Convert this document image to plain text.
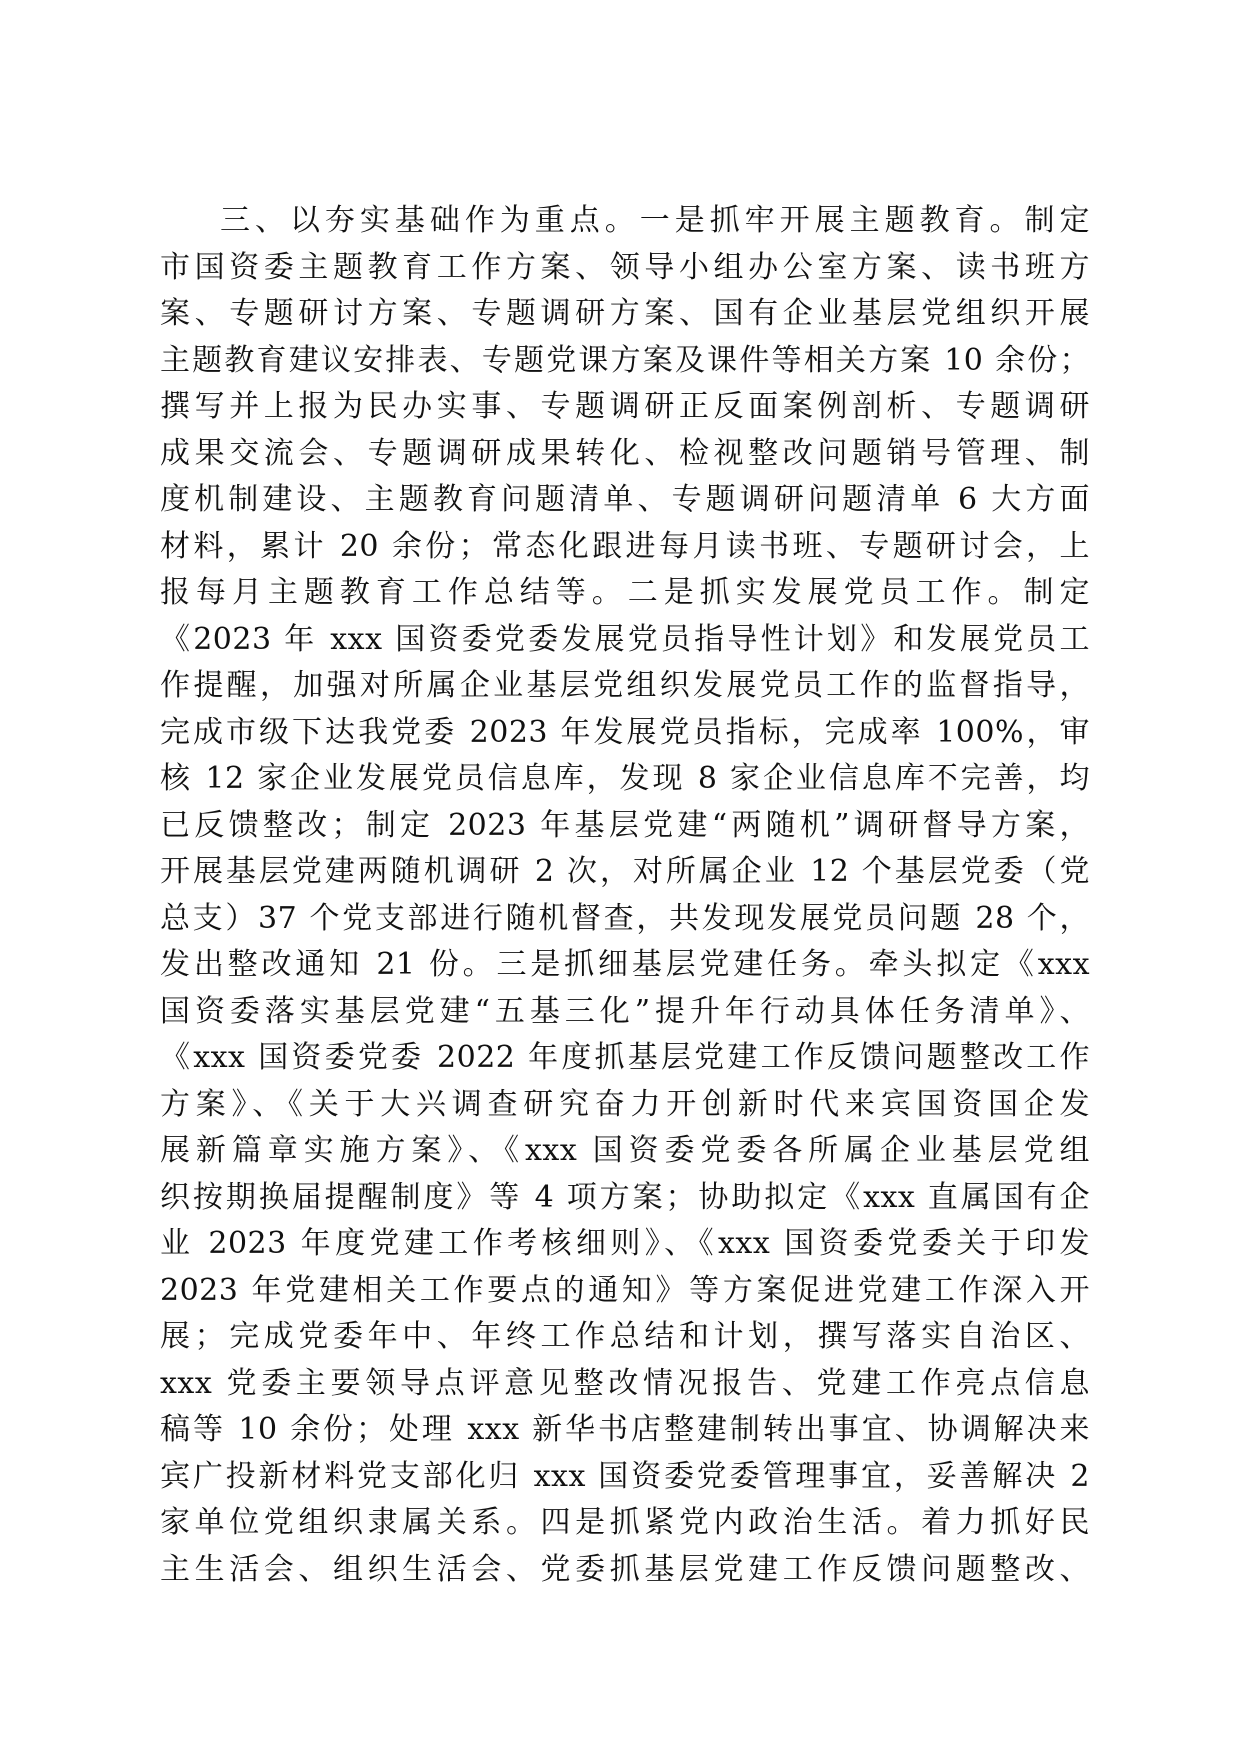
三、以夯实基础作为重点。一是抓牢开展主题教育。制定
市国资委主题教育工作方案、领导小组办公室方案、读书班方
案、专题研讨方案、专题调研方案、国有企业基层党组织开展
主题教育建议安排表、专题党课方案及课件等相关方案 10 余份；
撰写并上报为民办实事、专题调研正反面案例剖析、专题调研
成果交流会、专题调研成果转化、检视整改问题销号管理、制
度机制建设、主题教育问题清单、专题调研问题清单 6 大方面
材料，累计 20 余份；常态化跟进每月读书班、专题研讨会，上
报每月主题教育工作总结等。二是抓实发展党员工作。制定
《2023 年 xxx 国资委党委发展党员指导性计划》和发展党员工
作提醒，加强对所属企业基层党组织发展党员工作的监督指导，
完成市级下达我党委 2023 年发展党员指标，完成率 100%，审
核 12 家企业发展党员信息库，发现 8 家企业信息库不完善，均
已反馈整改；制定 2023 年基层党建“两随机”调研督导方案，
开展基层党建两随机调研 2 次，对所属企业 12 个基层党委（党
总支）37 个党支部进行随机督查，共发现发展党员问题 28 个，
发出整改通知 21 份。三是抓细基层党建任务。牵头拟定《xxx
国资委落实基层党建“五基三化”提升年行动具体任务清单》、
《xxx 国资委党委 2022 年度抓基层党建工作反馈问题整改工作
方案》、《关于大兴调查研究奋力开创新时代来宾国资国企发
展新篇章实施方案》、《xxx 国资委党委各所属企业基层党组
织按期换届提醒制度》等 4 项方案；协助拟定《xxx 直属国有企
业 2023 年度党建工作考核细则》、《xxx 国资委党委关于印发
2023 年党建相关工作要点的通知》等方案促进党建工作深入开
展；完成党委年中、年终工作总结和计划，撰写落实自治区、
xxx 党委主要领导点评意见整改情况报告、党建工作亮点信息
稿等 10 余份；处理 xxx 新华书店整建制转出事宜、协调解决来
宾广投新材料党支部化归 xxx 国资委党委管理事宜，妥善解决 2
家单位党组织隶属关系。四是抓紧党内政治生活。着力抓好民
主生活会、组织生活会、党委抓基层党建工作反馈问题整改、
